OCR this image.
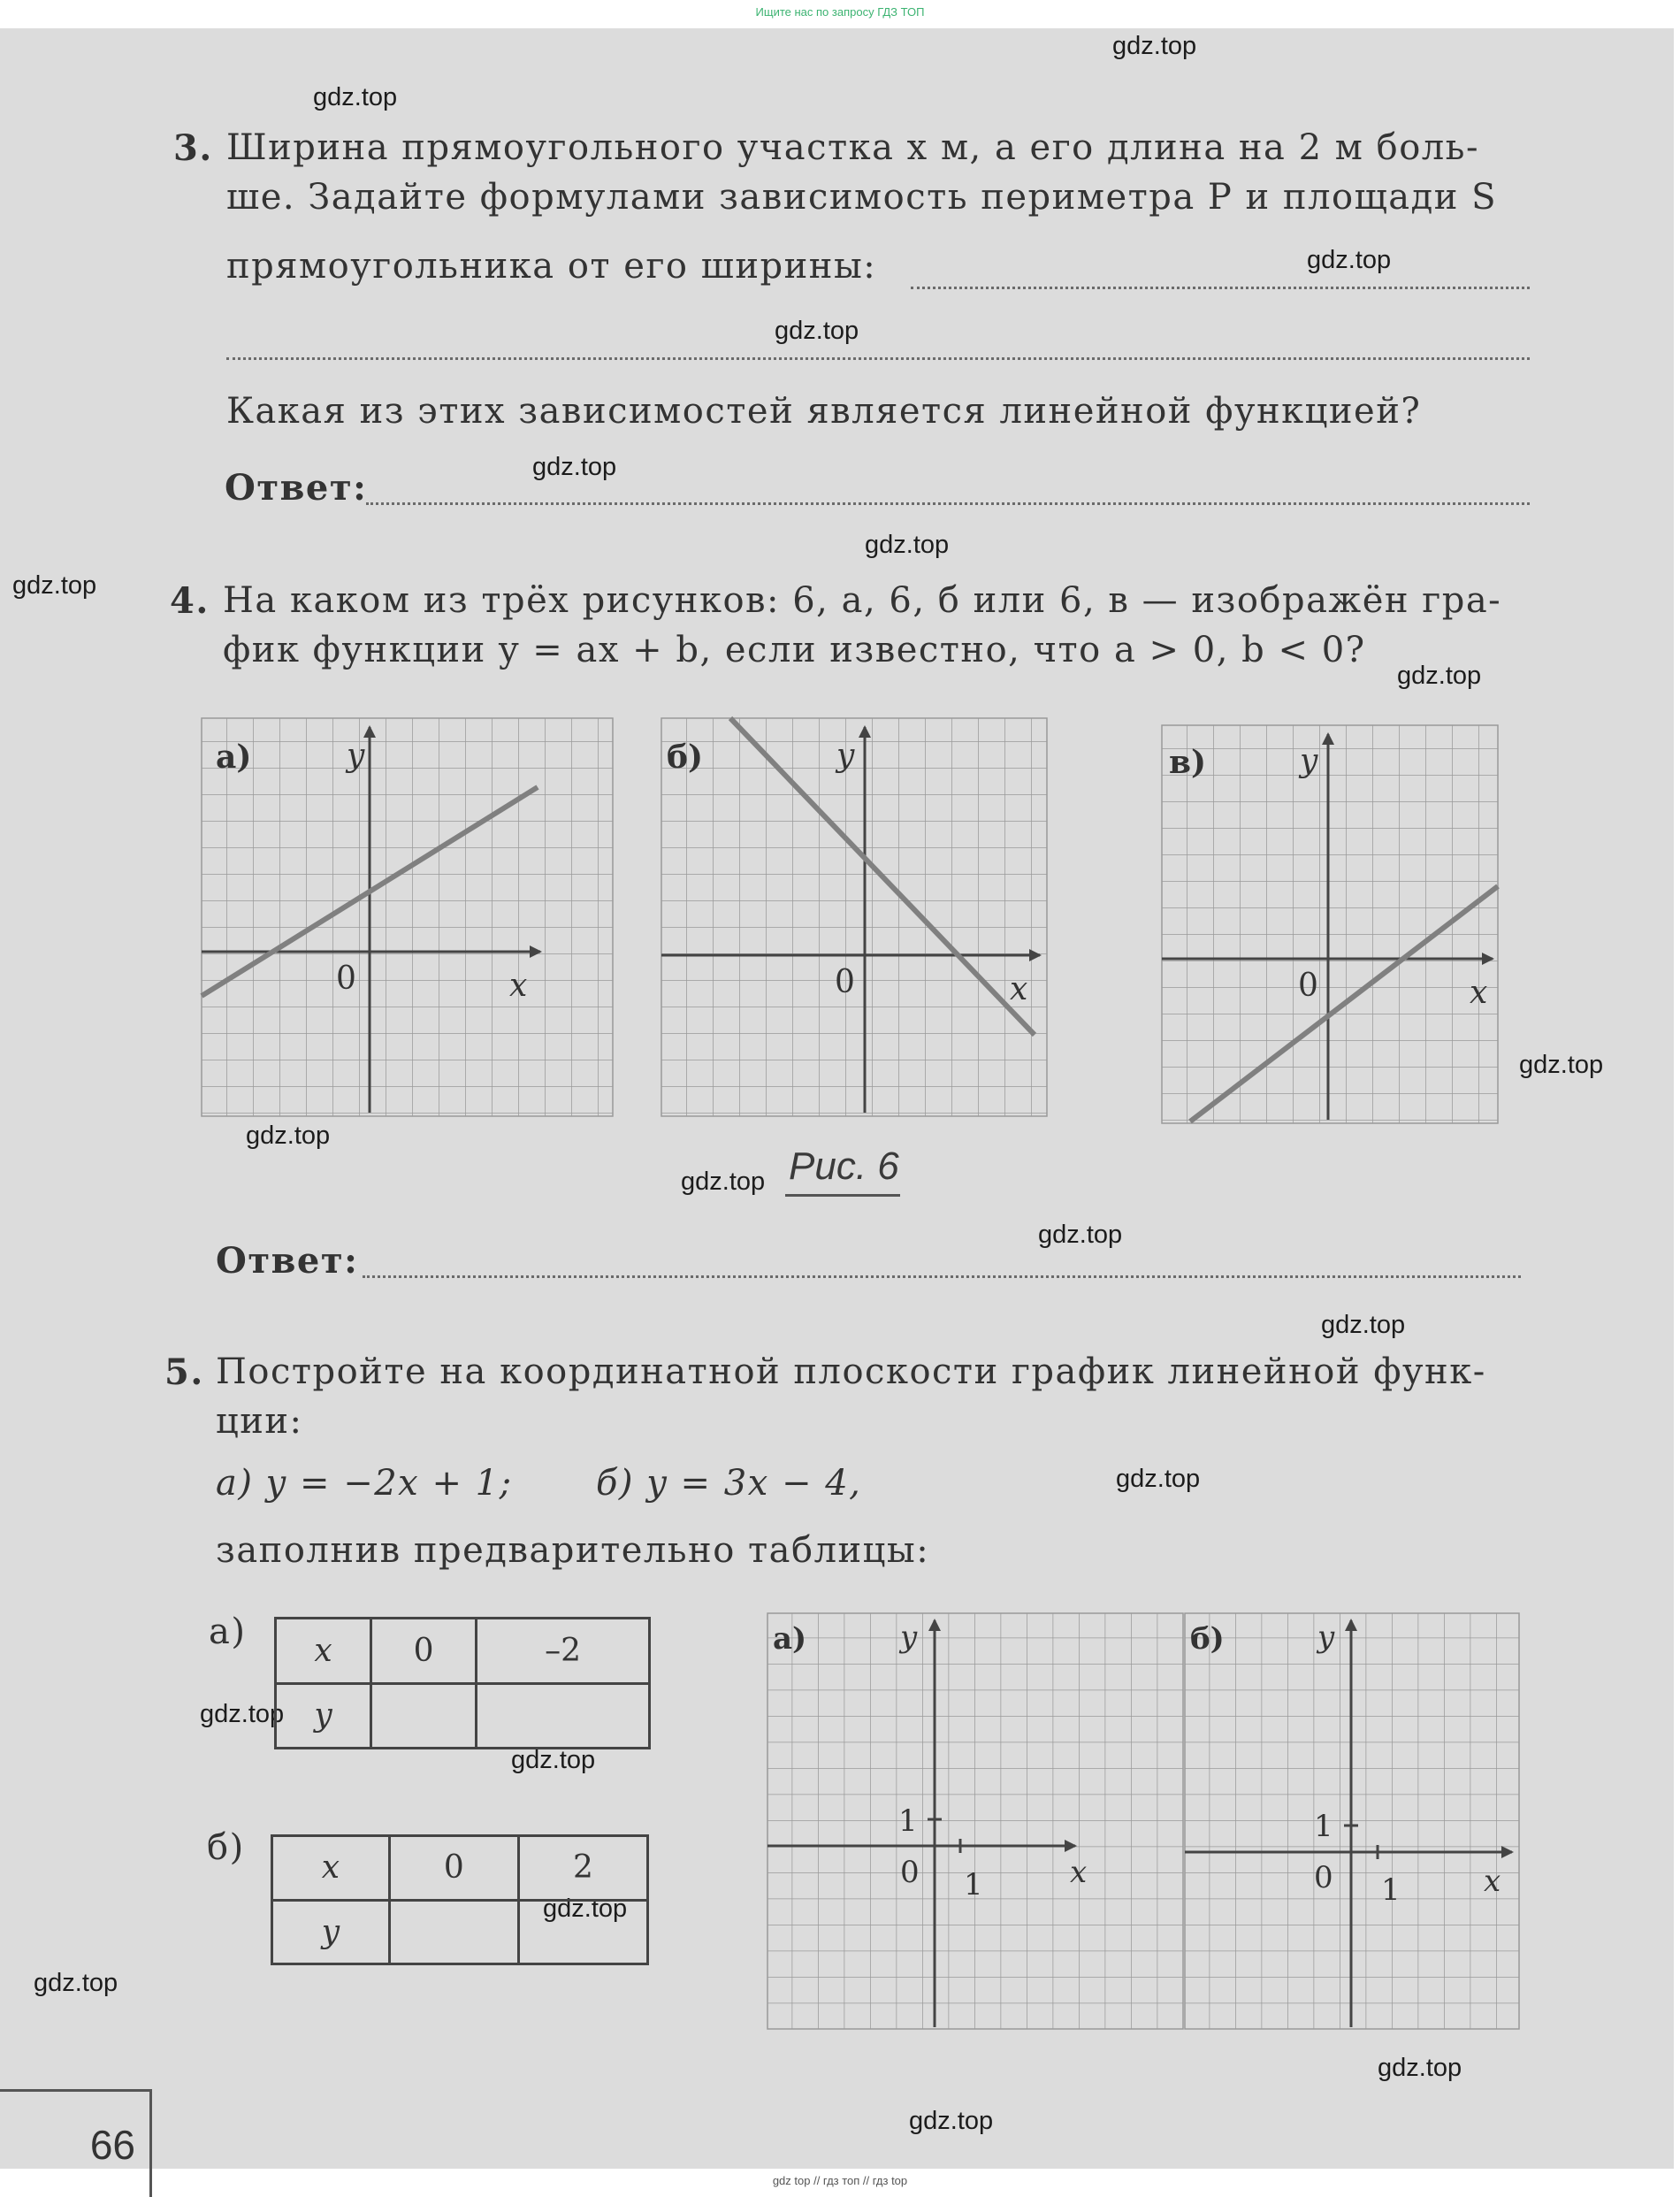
Ищите нас по запросу ГДЗ ТОП
gdz.top
gdz.top
gdz.top
gdz.top
gdz.top
gdz.top
gdz.top
gdz.top
gdz.top
gdz.top
gdz.top
gdz.top
gdz.top
gdz.top
gdz.top
gdz.top
gdz.top
gdz.top
gdz.top
gdz.top
3. Ширина прямоугольного участка x м, а его длина на 2 м боль-
ше. Задайте формулами зависимость периметра P и площади S
прямоугольника от его ширины:
Какая из этих зависимостей является линейной функцией?
Ответ:
4. На каком из трёх рисунков: 6, а, 6, б или 6, в — изображён гра-
фик функции y = ax + b, если известно, что a > 0, b < 0?
а)	y
0	x
б)	y
0	x
в)	y
0	x
Рис. 6
Ответ:
5. Постройте на координатной плоскости график линейной функ-
ции:
а) y = −2x + 1; б) y = 3x − 4,
заполнив предварительно таблицы:
а) x	0	–2
y		
б) x	0	2
y		
а)	y
1
0 1	x
б)	y
1
0 1	x
66
gdz top // гдз топ // гдз top
